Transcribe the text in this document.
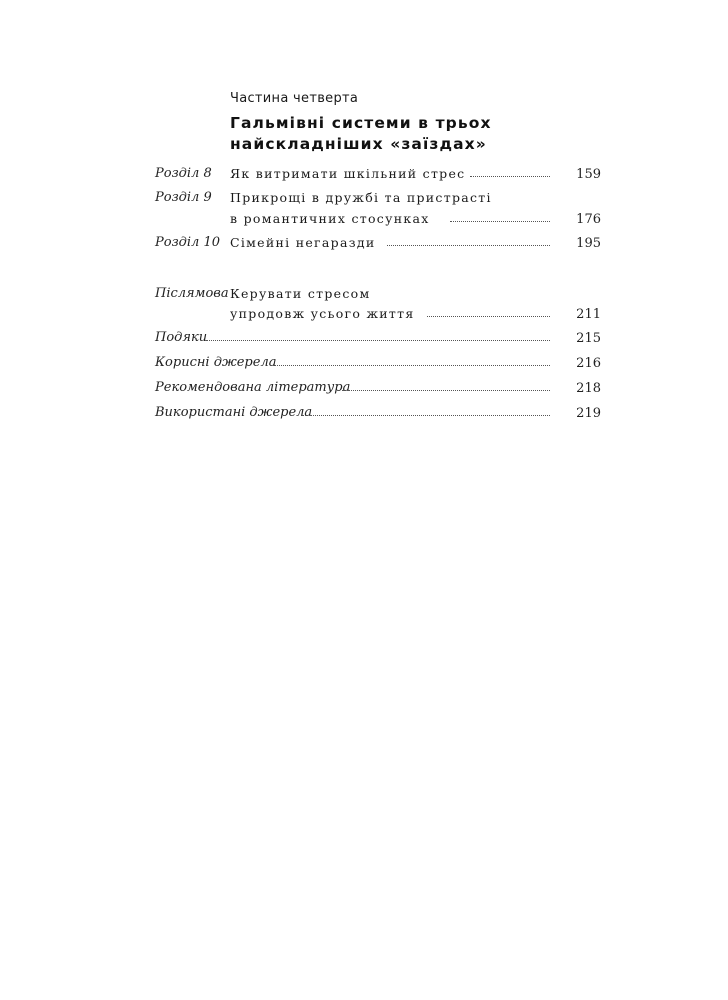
Частина четверта
Гальмівні системи в трьох
найскладніших «заїздах»
Розділ 8 Як витримати шкільний стрес	159
Розділ 9 Прикрощі в дружбі та пристрасті
в романтичних стосунках	176
Розділ 10 Сімейні негаразди	195
Післямова Керувати стресом
упродовж усього життя	211
Подяки	215
Корисні джерела	216
Рекомендована література	218
Використані джерела	219
